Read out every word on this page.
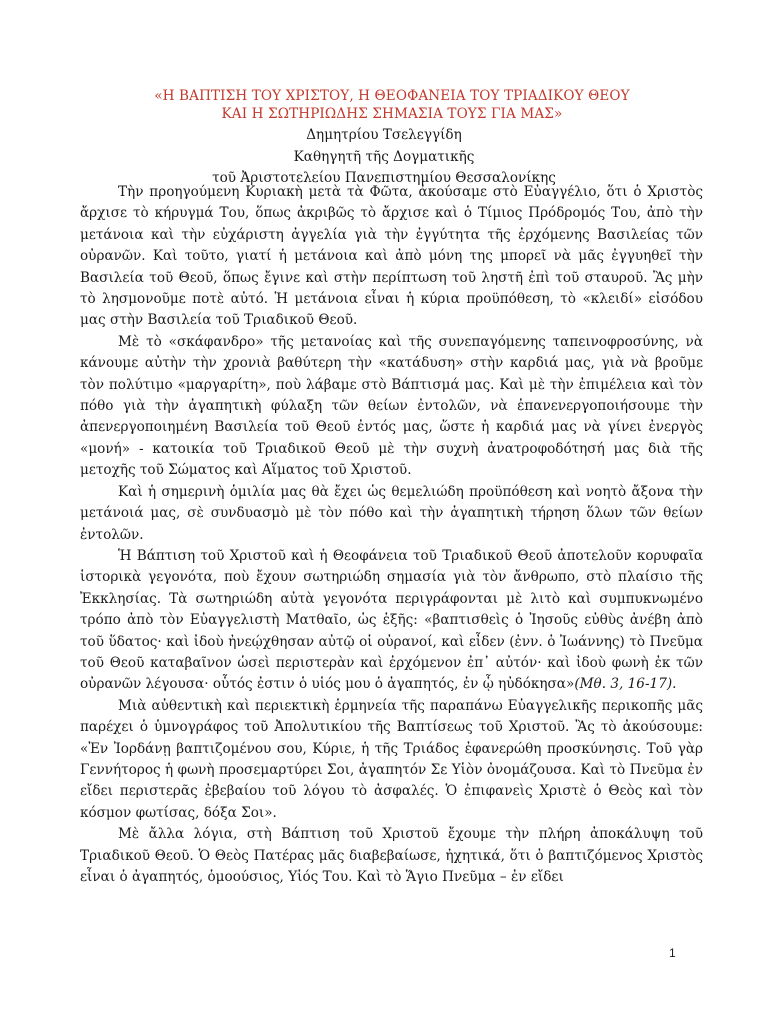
«Η ΒΑΠΤΙΣΗ ΤΟΥ ΧΡΙΣΤΟΥ, Η ΘΕΟΦΑΝΕΙΑ ΤΟΥ ΤΡΙΑΔΙΚΟΥ ΘΕΟΥ
ΚΑΙ Η ΣΩΤΗΡΙΩΔΗΣ ΣΗΜΑΣΙΑ ΤΟΥΣ ΓΙΑ ΜΑΣ»
Δημητρίου Τσελεγγίδη
Καθηγητῆ τῆς Δογματικῆς
τοῦ Ἀριστοτελείου Πανεπιστημίου Θεσσαλονίκης

Τὴν προηγούμενη Κυριακὴ μετὰ τὰ Φῶτα, ἀκούσαμε στὸ Εὐαγγέλιο, ὅτι ὁ Χριστὸς ἄρχισε τὸ κήρυγμά Του, ὅπως ἀκριβῶς τὸ ἄρχισε καὶ ὁ Τίμιος Πρόδρομός Του, ἀπὸ τὴν μετάνοια καὶ τὴν εὐχάριστη ἀγγελία γιὰ τὴν ἐγγύτητα τῆς ἐρχόμενης Βασιλείας τῶν οὐρανῶν. Καὶ τοῦτο, γιατί ἡ μετάνοια καὶ ἀπὸ μόνη της μπορεῖ νὰ μᾶς ἐγγυηθεῖ τὴν Βασιλεία τοῦ Θεοῦ, ὅπως ἔγινε καὶ στὴν περίπτωση τοῦ ληστῆ ἐπὶ τοῦ σταυροῦ. Ἂς μὴν τὸ λησμονοῦμε ποτὲ αὐτό. Ἡ μετάνοια εἶναι ἡ κύρια προϋπόθεση, τὸ «κλειδί» εἰσόδου μας στὴν Βασιλεία τοῦ Τριαδικοῦ Θεοῦ.

Μὲ τὸ «σκάφανδρο» τῆς μετανοίας καὶ τῆς συνεπαγόμενης ταπεινοφροσύνης, νὰ κάνουμε αὐτὴν τὴν χρονιὰ βαθύτερη τὴν «κατάδυση» στὴν καρδιά μας, γιὰ νὰ βροῦμε τὸν πολύτιμο «μαργαρίτη», ποὺ λάβαμε στὸ Βάπτισμά μας. Καὶ μὲ τὴν ἐπιμέλεια καὶ τὸν πόθο γιὰ τὴν ἀγαπητικὴ φύλαξη τῶν θείων ἐντολῶν, νὰ ἐπανενεργοποιήσουμε τὴν ἀπενεργοποιημένη Βασιλεία τοῦ Θεοῦ ἐντός μας, ὥστε ἡ καρδιά μας νὰ γίνει ἐνεργὸς «μονή» - κατοικία τοῦ Τριαδικοῦ Θεοῦ μὲ τὴν συχνὴ ἀνατροφοδότησή μας διὰ τῆς μετοχῆς τοῦ Σώματος καὶ Αἵματος τοῦ Χριστοῦ.

Καὶ ἡ σημερινὴ ὁμιλία μας θὰ ἔχει ὡς θεμελιώδη προϋπόθεση καὶ νοητὸ ἄξονα τὴν μετάνοιά μας, σὲ συνδυασμὸ μὲ τὸν πόθο καὶ τὴν ἀγαπητικὴ τήρηση ὅλων τῶν θείων ἐντολῶν.

Ἡ Βάπτιση τοῦ Χριστοῦ καὶ ἡ Θεοφάνεια τοῦ Τριαδικοῦ Θεοῦ ἀποτελοῦν κορυφαῖα ἱστορικὰ γεγονότα, ποὺ ἔχουν σωτηριώδη σημασία γιὰ τὸν ἄνθρωπο, στὸ πλαίσιο τῆς Ἐκκλησίας. Τὰ σωτηριώδη αὐτὰ γεγονότα περιγράφονται μὲ λιτὸ καὶ συμπυκνωμένο τρόπο ἀπὸ τὸν Εὐαγγελιστὴ Ματθαῖο, ὡς ἑξῆς: «βαπτισθεὶς ὁ Ἰησοῦς εὐθὺς ἀνέβη ἀπὸ τοῦ ὕδατος· καὶ ἰδοὺ ἠνεῴχθησαν αὐτῷ οἱ οὐρανοί, καὶ εἶδεν (ἐνν. ὁ Ἰωάννης) τὸ Πνεῦμα τοῦ Θεοῦ καταβαῖνον ὡσεὶ περιστερὰν καὶ ἐρχόμενον ἐπ᾽ αὐτόν· καὶ ἰδοὺ φωνὴ ἐκ τῶν οὐρανῶν λέγουσα· οὗτός ἐστιν ὁ υἱός μου ὁ ἀγαπητός, ἐν ᾧ ηὐδόκησα»(Μθ. 3, 16-17).

Μιὰ αὐθεντικὴ καὶ περιεκτικὴ ἑρμηνεία τῆς παραπάνω Εὐαγγελικῆς περικοπῆς μᾶς παρέχει ὁ ὑμνογράφος τοῦ Ἀπολυτικίου τῆς Βαπτίσεως τοῦ Χριστοῦ. Ἂς τὸ ἀκούσουμε: «Ἐν Ἰορδάνῃ βαπτιζομένου σου, Κύριε, ἡ τῆς Τριάδος ἐφανερώθη προσκύνησις. Τοῦ γὰρ Γεννήτορος ἡ φωνὴ προσεμαρτύρει Σοι, ἀγαπητόν Σε Υἱὸν ὀνομάζουσα. Καὶ τὸ Πνεῦμα ἐν εἴδει περιστερᾶς ἐβεβαίου τοῦ λόγου τὸ ἀσφαλές. Ὁ ἐπιφανεὶς Χριστὲ ὁ Θεὸς καὶ τὸν κόσμον φωτίσας, δόξα Σοι».

Μὲ ἄλλα λόγια, στὴ Βάπτιση τοῦ Χριστοῦ ἔχουμε τὴν πλήρη ἀποκάλυψη τοῦ Τριαδικοῦ Θεοῦ. Ὁ Θεὸς Πατέρας μᾶς διαβεβαίωσε, ἠχητικά, ὅτι ὁ βαπτιζόμενος Χριστὸς εἶναι ὁ ἀγαπητός, ὁμοούσιος, Υἱός Του. Καὶ τὸ Ἅγιο Πνεῦμα – ἐν εἴδει

1
